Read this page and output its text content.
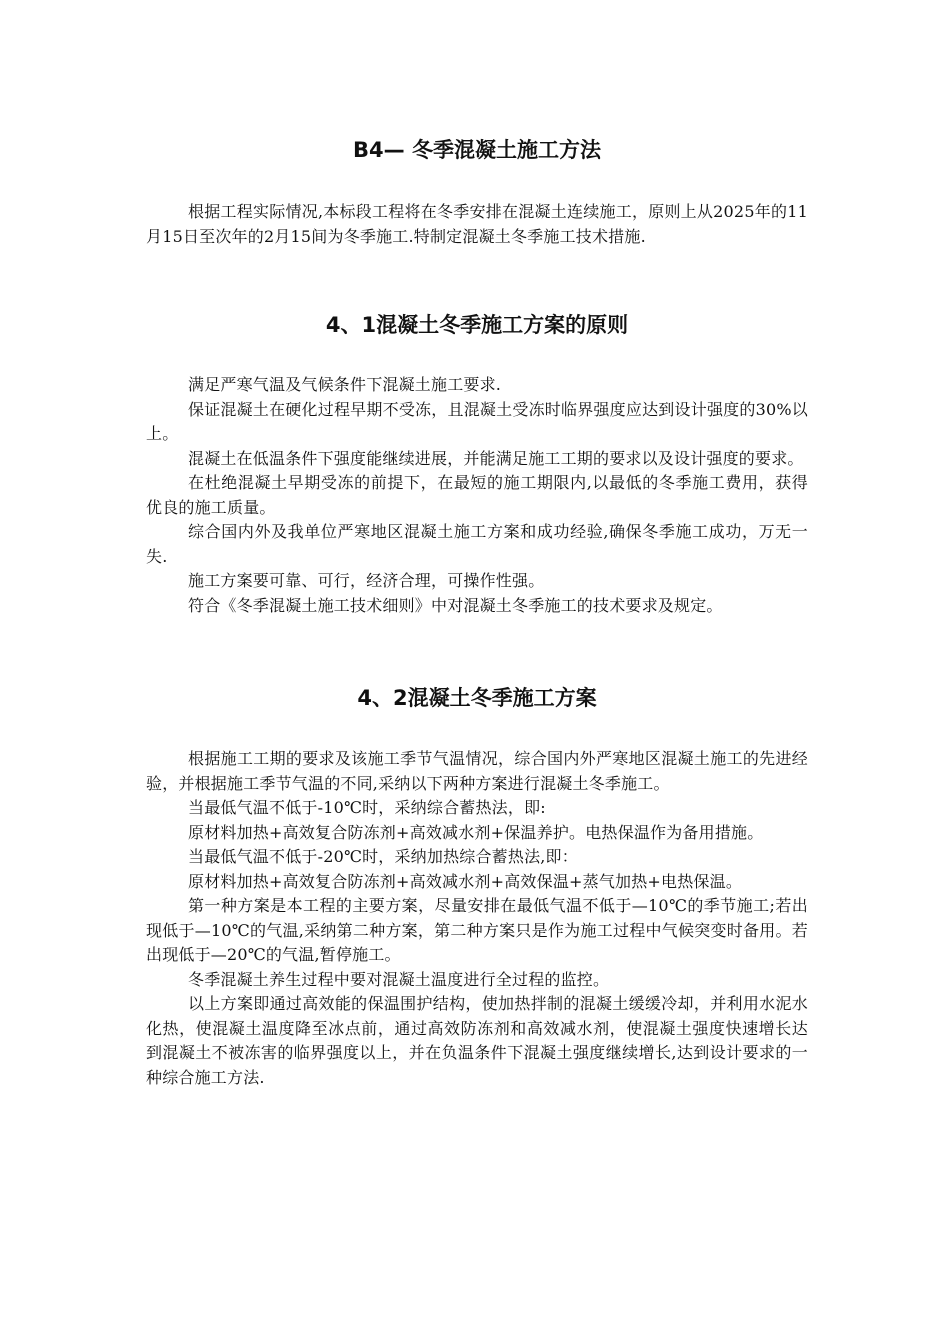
B4— 冬季混凝土施工方法

根据工程实际情况,本标段工程将在冬季安排在混凝土连续施工，原则上从2025年的11月15日至次年的2月15间为冬季施工.特制定混凝土冬季施工技术措施.

4、1混凝土冬季施工方案的原则

满足严寒气温及气候条件下混凝土施工要求.

保证混凝土在硬化过程早期不受冻，且混凝土受冻时临界强度应达到设计强度的30%以上。

混凝土在低温条件下强度能继续进展，并能满足施工工期的要求以及设计强度的要求。

在杜绝混凝土早期受冻的前提下，在最短的施工期限内,以最低的冬季施工费用，获得优良的施工质量。

综合国内外及我单位严寒地区混凝土施工方案和成功经验,确保冬季施工成功，万无一失.

施工方案要可靠、可行，经济合理，可操作性强。

符合《冬季混凝土施工技术细则》中对混凝土冬季施工的技术要求及规定。

4、2混凝土冬季施工方案

根据施工工期的要求及该施工季节气温情况，综合国内外严寒地区混凝土施工的先进经验，并根据施工季节气温的不同,采纳以下两种方案进行混凝土冬季施工。

当最低气温不低于-10℃时，采纳综合蓄热法，即:

原材料加热+高效复合防冻剂+高效减水剂+保温养护。电热保温作为备用措施。

当最低气温不低于-20℃时，采纳加热综合蓄热法,即：

原材料加热+高效复合防冻剂+高效减水剂+高效保温+蒸气加热+电热保温。

第一种方案是本工程的主要方案，尽量安排在最低气温不低于—10℃的季节施工;若出现低于—10℃的气温,采纳第二种方案，第二种方案只是作为施工过程中气候突变时备用。若出现低于—20℃的气温,暂停施工。

冬季混凝土养生过程中要对混凝土温度进行全过程的监控。

以上方案即通过高效能的保温围护结构，使加热拌制的混凝土缓缓冷却，并利用水泥水化热，使混凝土温度降至冰点前，通过高效防冻剂和高效减水剂，使混凝土强度快速增长达到混凝土不被冻害的临界强度以上，并在负温条件下混凝土强度继续增长,达到设计要求的一种综合施工方法.
